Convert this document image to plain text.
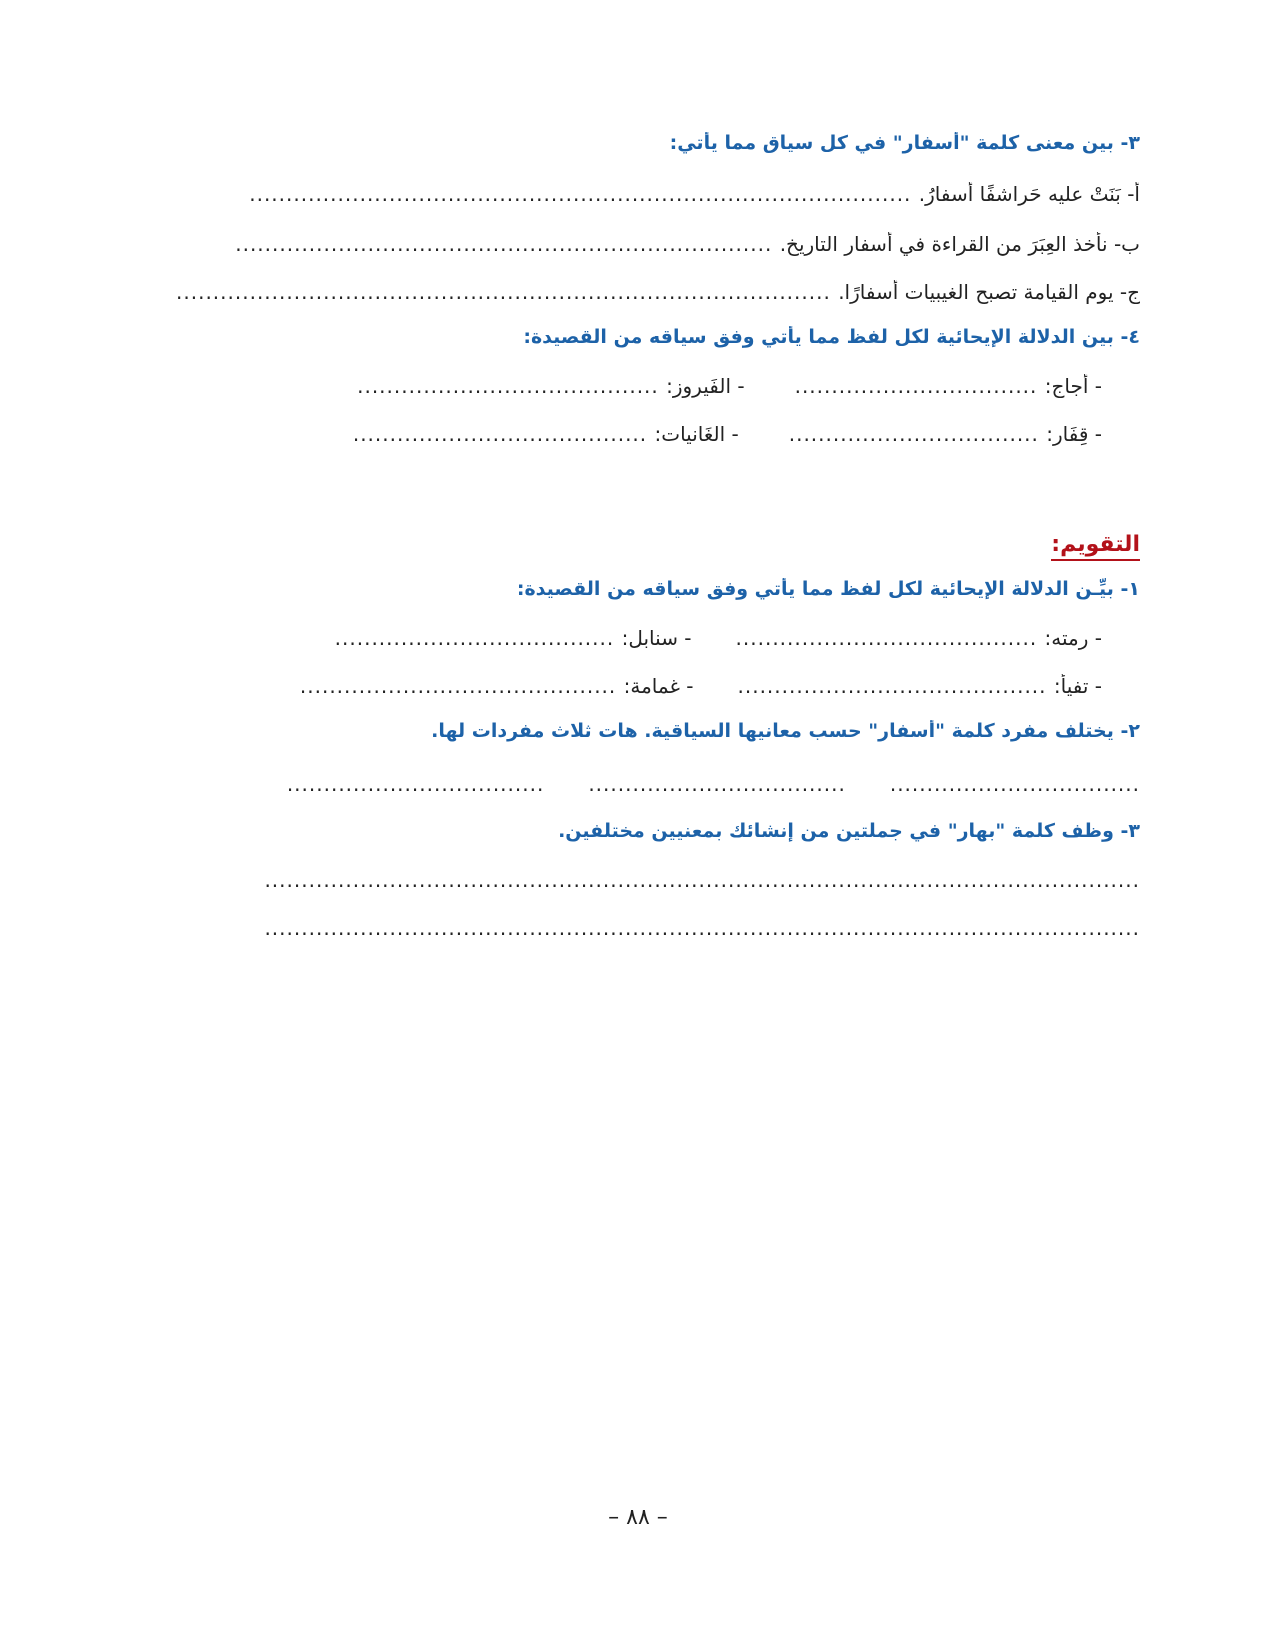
٣- بين معنى كلمة "أسفار" في كل سياق مما يأتي:
أ- بَنَتْ عليه حَراشفًا أسفارُ.
..........................................................................................
ب- نأخذ العِبَرَ من القراءة في أسفار التاريخ.
.........................................................................
ج- يوم القيامة تصبح الغيبيات أسفارًا.
.........................................................................................
٤- بين الدلالة الإيحائية لكل لفظ مما يأتي وفق سياقه من القصيدة:
- أُجاج:
.................................
- الفَيروز:
.........................................
- قِفَار:
..................................
- الغَانيات:
........................................
التقويم:
١- بيِّـن الدلالة الإيحائية لكل لفظ مما يأتي وفق سياقه من القصيدة:
- رمته:
.........................................
- سنابل:
......................................
- تفيأ:
..........................................
- غمامة:
...........................................
٢- يختلف مفرد كلمة "أسفار" حسب معانيها السياقية. هات ثلاث مفردات لها.
..................................
...................................
...................................
٣- وظف كلمة "بهار" في جملتين من إنشائك بمعنيين مختلفين.
.......................................................................................................................
.......................................................................................................................
– ٨٨ –
